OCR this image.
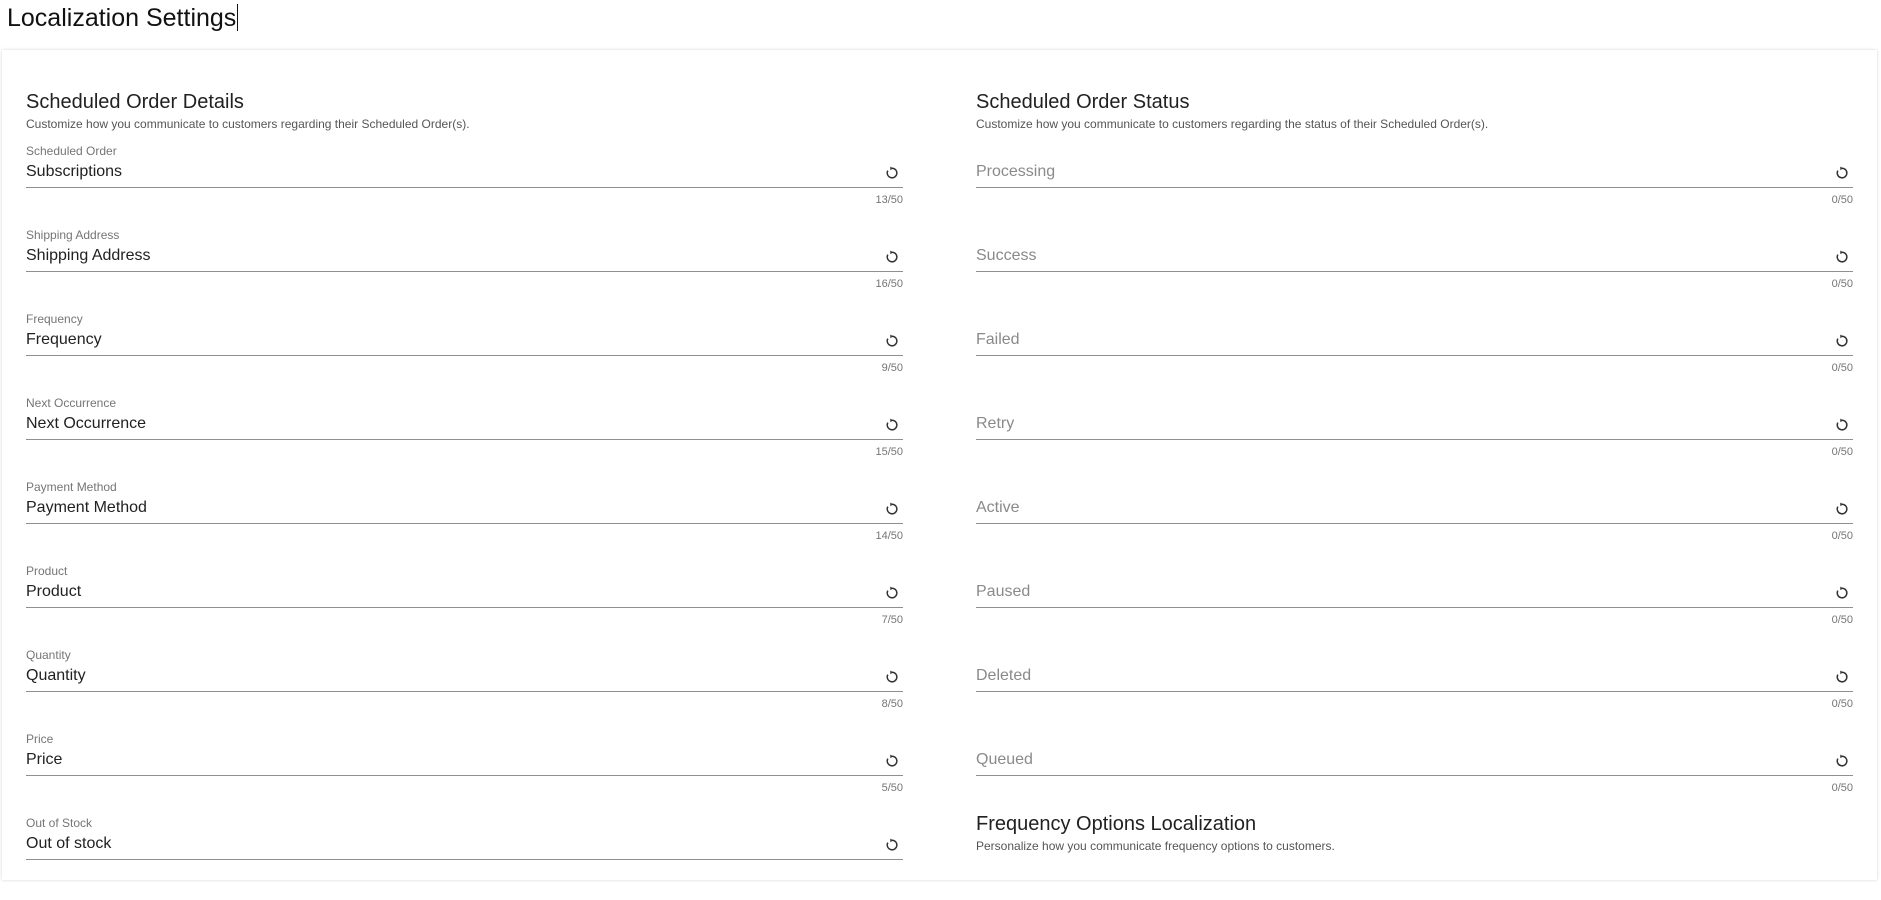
Localization Settings
Scheduled Order Details

Customize how you communicate to customers regarding their Scheduled Order(s).

Scheduled Order
Subscriptions
13/50
Shipping Address
Shipping Address
16/50
Frequency
Frequency
9/50
Next Occurrence
Next Occurrence
15/50
Payment Method
Payment Method
14/50
Product
Product
7/50
Quantity
Quantity
8/50
Price
Price
5/50
Out of Stock
Out of stock
Scheduled Order Status

Customize how you communicate to customers regarding the status of their Scheduled Order(s).

Processing
0/50
Success
0/50
Failed
0/50
Retry
0/50
Active
0/50
Paused
0/50
Deleted
0/50
Queued
0/50
Frequency Options Localization

Personalize how you communicate frequency options to customers.
